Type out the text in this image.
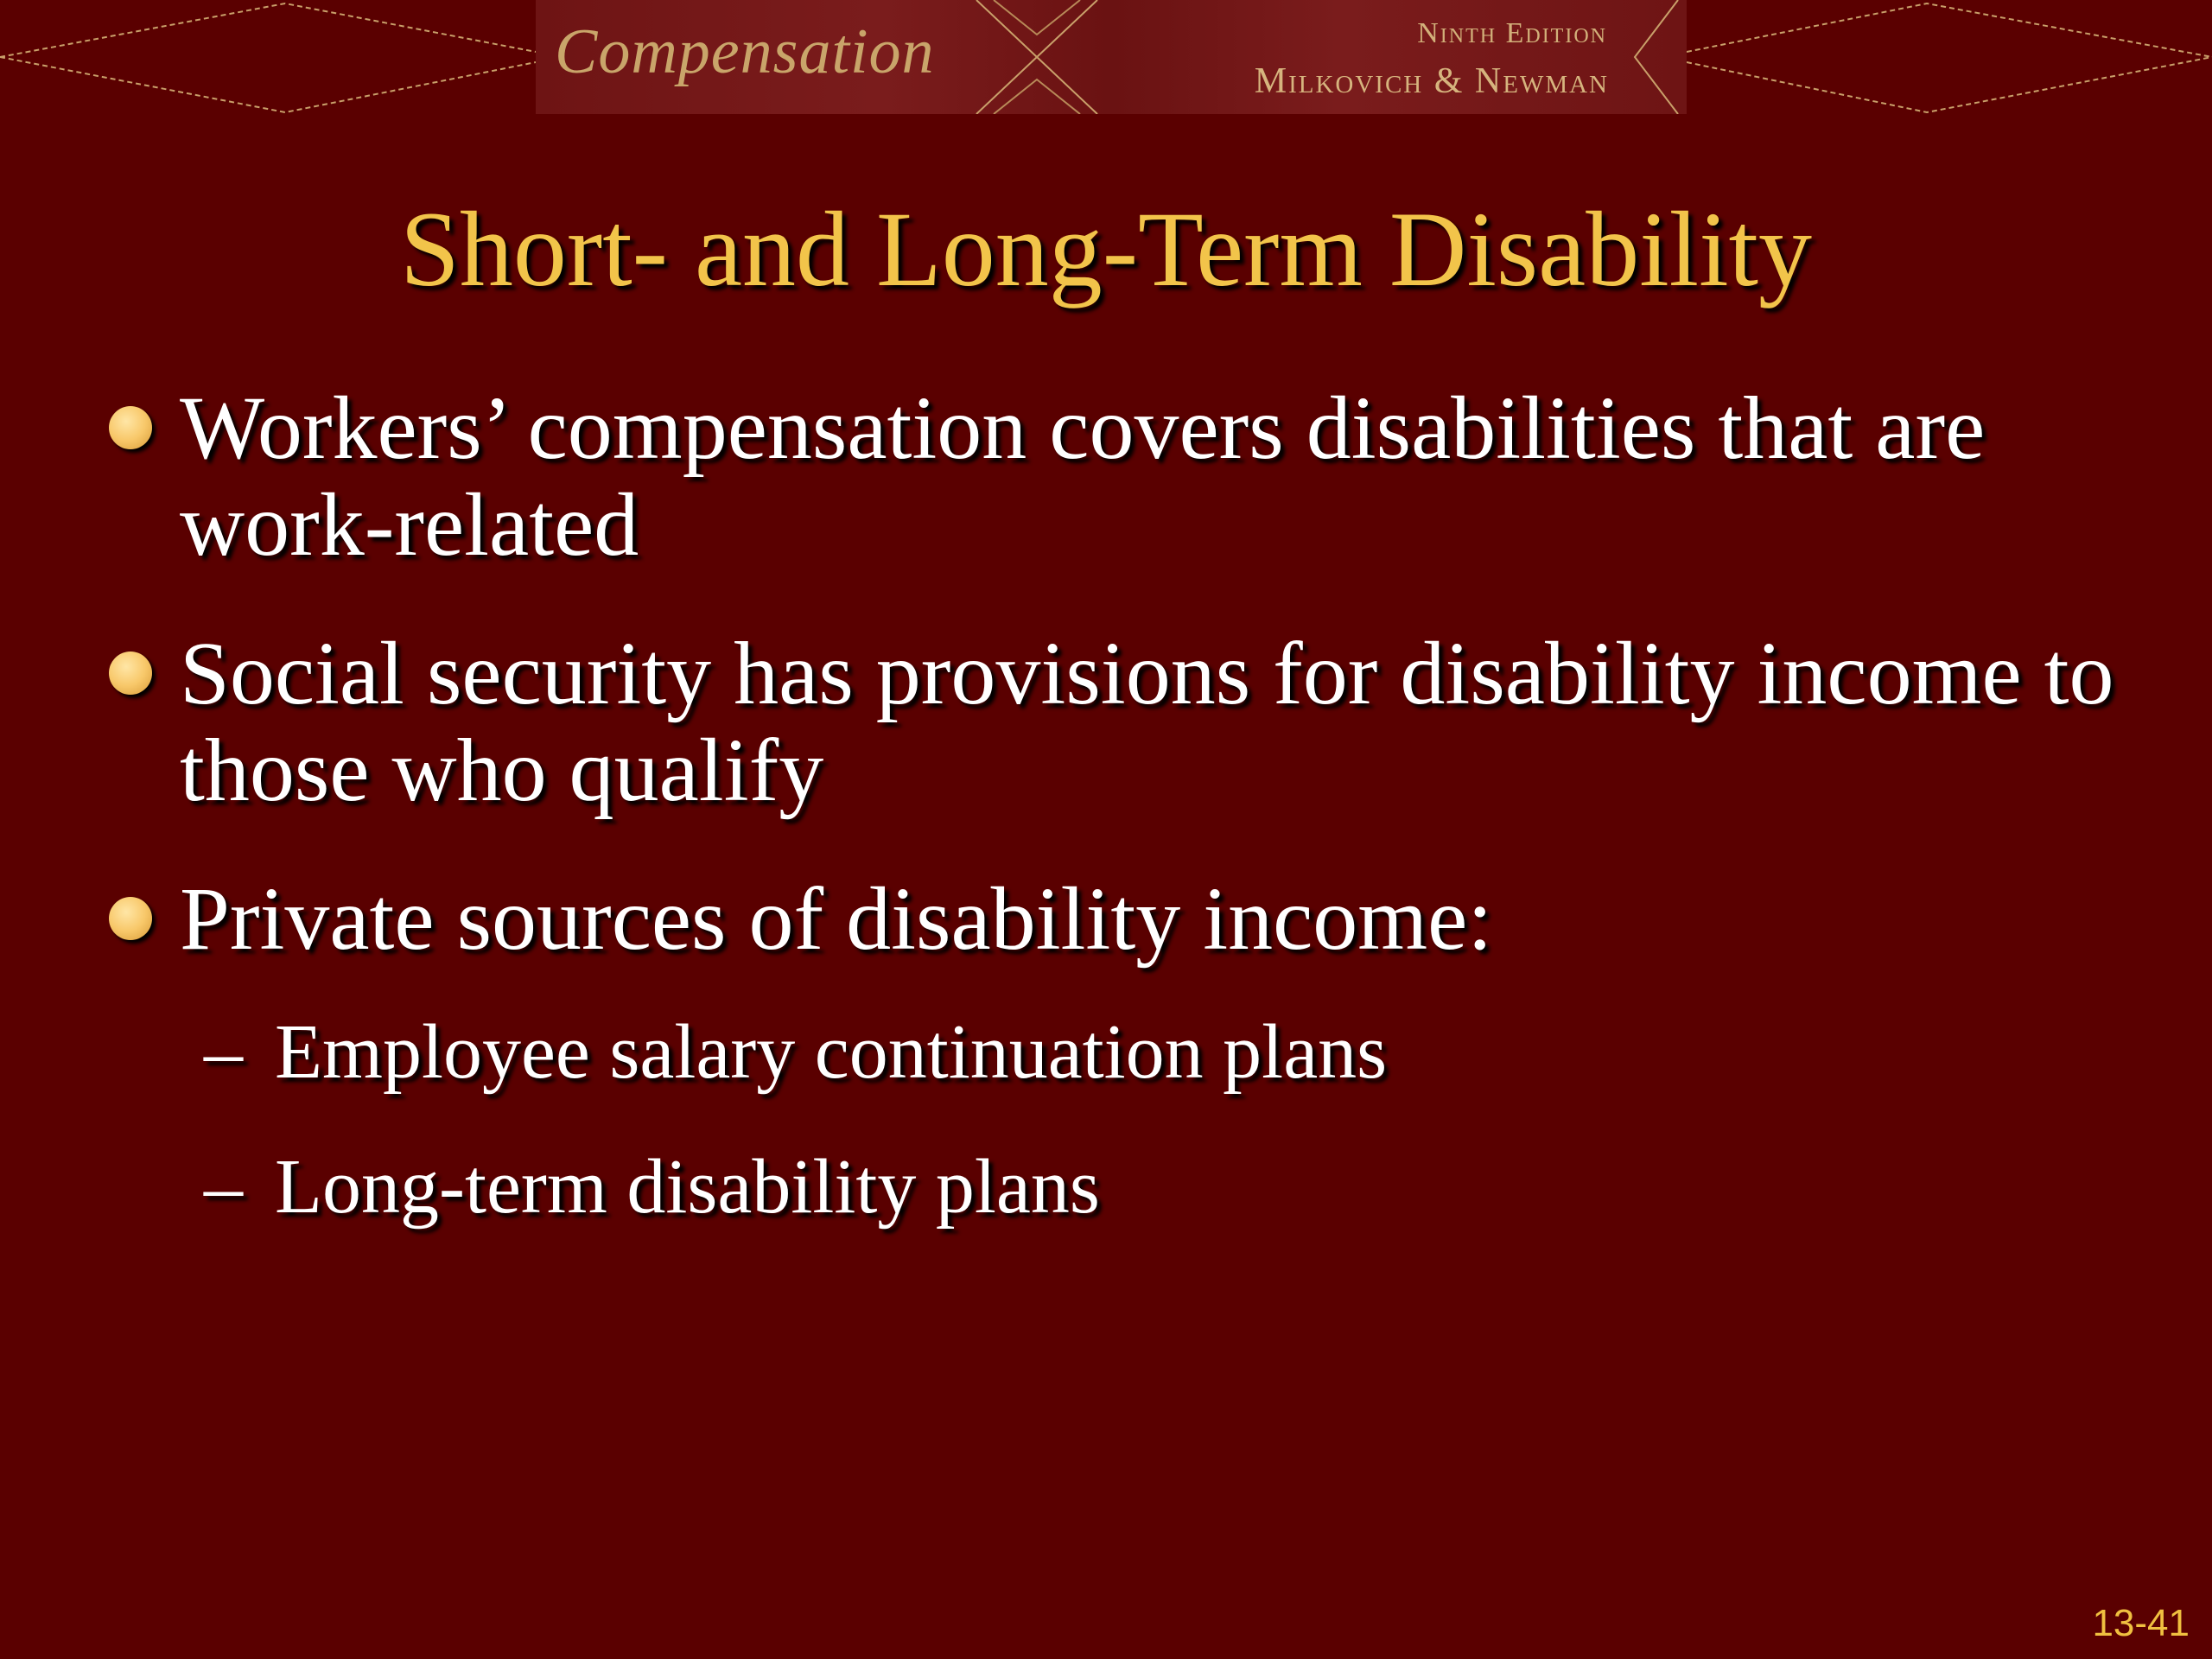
Compensation	Ninth Edition
Milkovich & Newman
Short- and Long-Term Disability
Workers’ compensation covers disabilities that are work-related
Social security has provisions for disability income to those who qualify
Private sources of disability income:
– Employee salary continuation plans
– Long-term disability plans
13-41
